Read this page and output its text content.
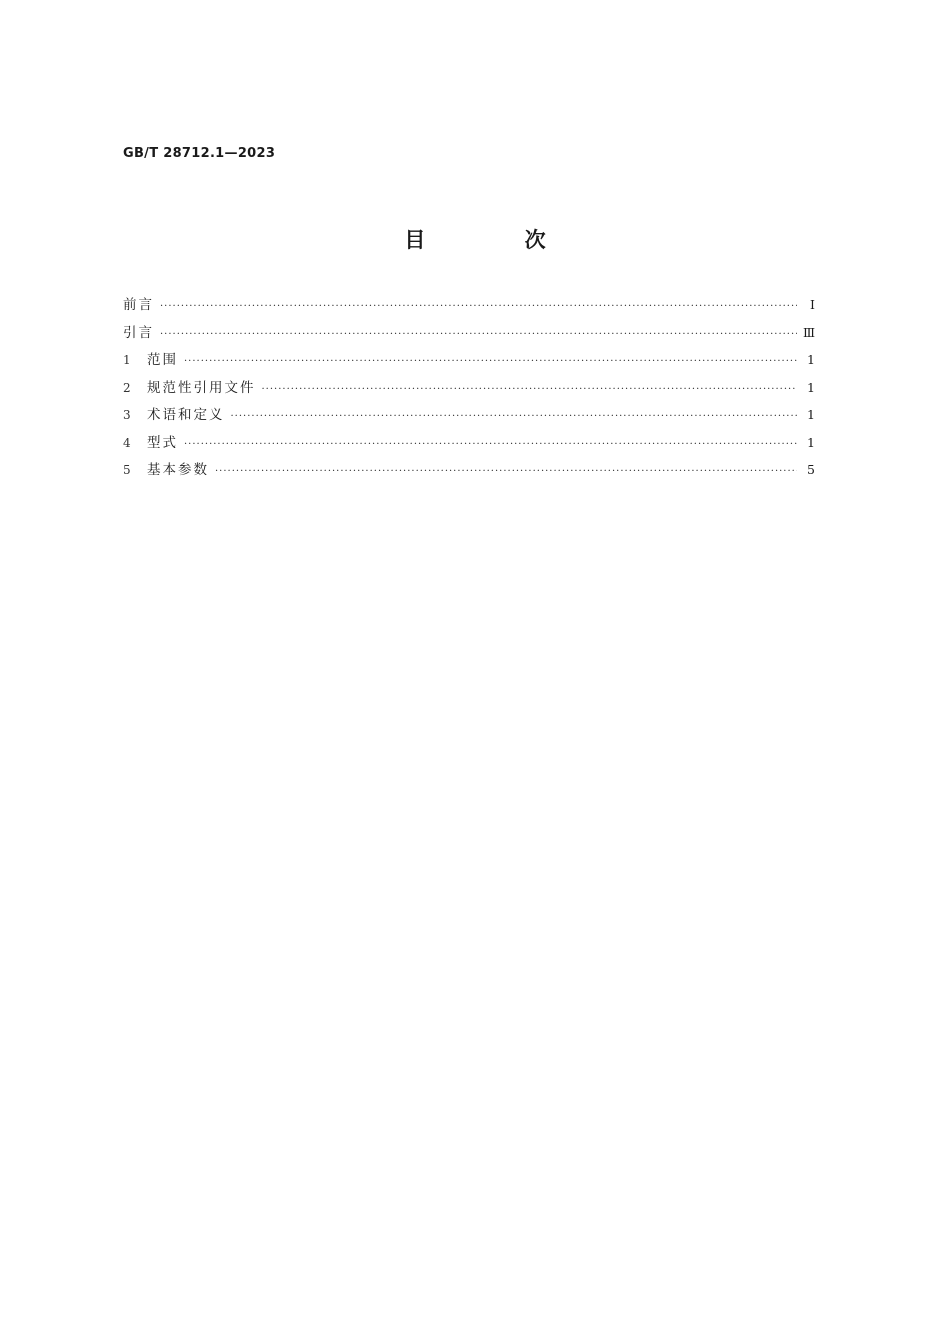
GB/T 28712.1—2023
目 次
前言 ·····	Ⅰ
引言 ·····	Ⅲ
1	范围 ·····	1
2	规范性引用文件 ·····	1
3	术语和定义 ·····	1
4	型式 ·····	1
5	基本参数 ·····	5
